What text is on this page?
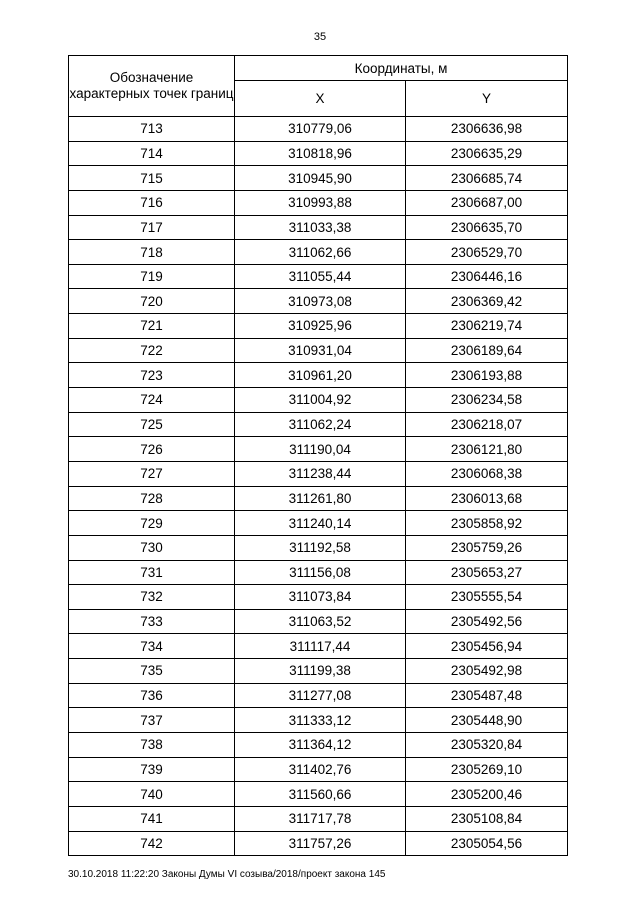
35
Обозначение характерных точек границ	Координаты, м	
	X	Y
713	310779,06	2306636,98
714	310818,96	2306635,29
715	310945,90	2306685,74
716	310993,88	2306687,00
717	311033,38	2306635,70
718	311062,66	2306529,70
719	311055,44	2306446,16
720	310973,08	2306369,42
721	310925,96	2306219,74
722	310931,04	2306189,64
723	310961,20	2306193,88
724	311004,92	2306234,58
725	311062,24	2306218,07
726	311190,04	2306121,80
727	311238,44	2306068,38
728	311261,80	2306013,68
729	311240,14	2305858,92
730	311192,58	2305759,26
731	311156,08	2305653,27
732	311073,84	2305555,54
733	311063,52	2305492,56
734	311117,44	2305456,94
735	311199,38	2305492,98
736	311277,08	2305487,48
737	311333,12	2305448,90
738	311364,12	2305320,84
739	311402,76	2305269,10
740	311560,66	2305200,46
741	311717,78	2305108,84
742	311757,26	2305054,56
30.10.2018 11:22:20 Законы Думы VI созыва/2018/проект закона 145
